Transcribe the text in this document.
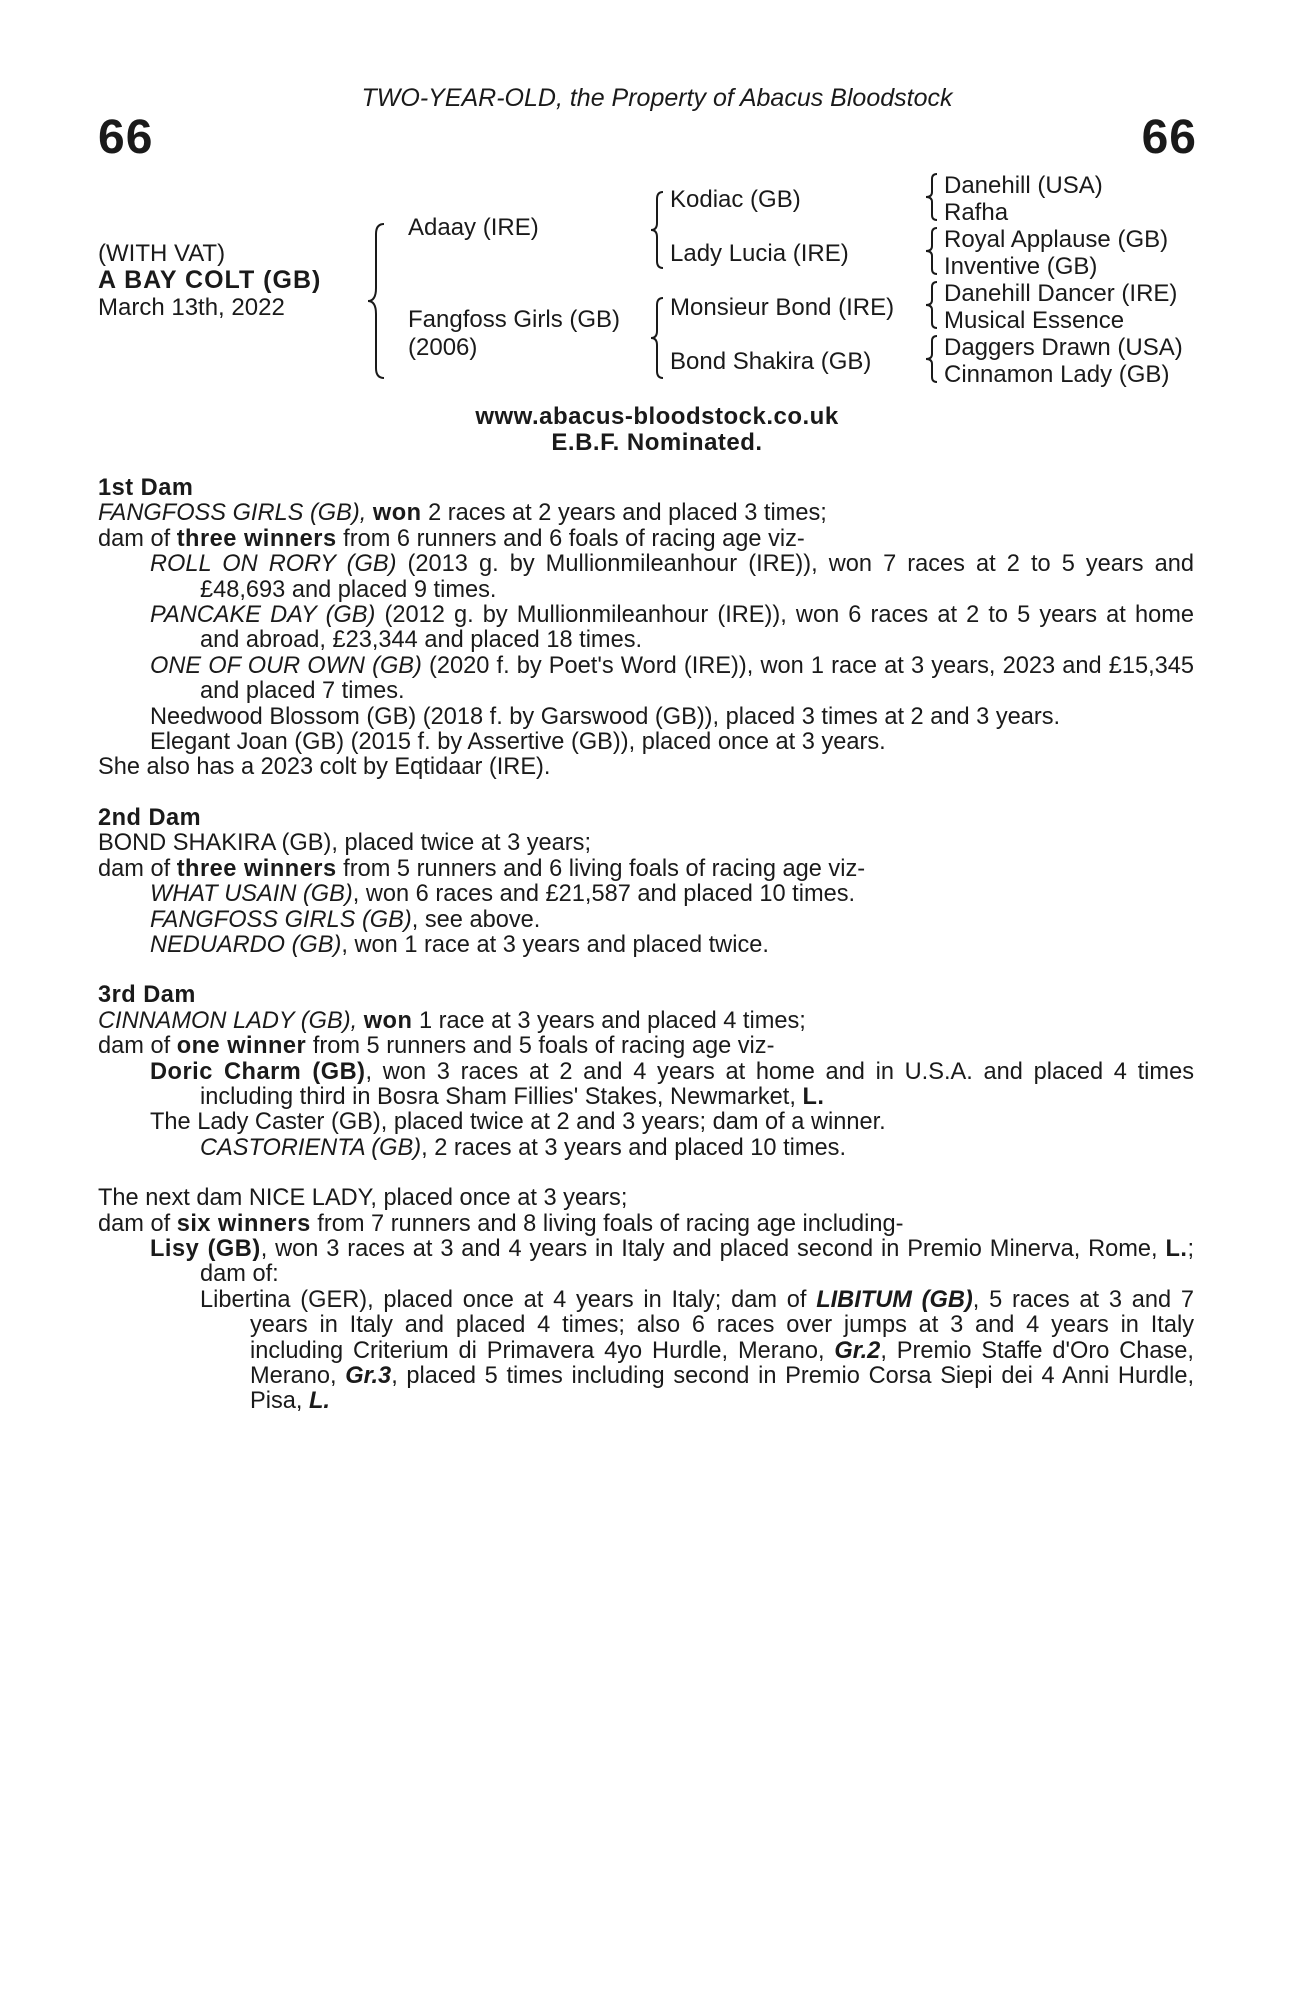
TWO-YEAR-OLD, the Property of Abacus Bloodstock
66	66
(WITH VAT)
A BAY COLT (GB)
March 13th, 2022
Adaay (IRE)
Fangfoss Girls (GB)
(2006)
Kodiac (GB)
Lady Lucia (IRE)
Monsieur Bond (IRE)
Bond Shakira (GB)
Danehill (USA)
Rafha
Royal Applause (GB)
Inventive (GB)
Danehill Dancer (IRE)
Musical Essence
Daggers Drawn (USA)
Cinnamon Lady (GB)
www.abacus-bloodstock.co.uk
E.B.F. Nominated.

1st Dam

FANGFOSS GIRLS (GB), won 2 races at 2 years and placed 3 times;

dam of three winners from 6 runners and 6 foals of racing age viz-

ROLL ON RORY (GB) (2013 g. by Mullionmileanhour (IRE)), won 7 races at 2 to 5 years and £48,693 and placed 9 times.

PANCAKE DAY (GB) (2012 g. by Mullionmileanhour (IRE)), won 6 races at 2 to 5 years at home and abroad, £23,344 and placed 18 times.

ONE OF OUR OWN (GB) (2020 f. by Poet's Word (IRE)), won 1 race at 3 years, 2023 and £15,345 and placed 7 times.

Needwood Blossom (GB) (2018 f. by Garswood (GB)), placed 3 times at 2 and 3 years.

Elegant Joan (GB) (2015 f. by Assertive (GB)), placed once at 3 years.

She also has a 2023 colt by Eqtidaar (IRE).

2nd Dam

BOND SHAKIRA (GB), placed twice at 3 years;

dam of three winners from 5 runners and 6 living foals of racing age viz-

WHAT USAIN (GB), won 6 races and £21,587 and placed 10 times.

FANGFOSS GIRLS (GB), see above.

NEDUARDO (GB), won 1 race at 3 years and placed twice.

3rd Dam

CINNAMON LADY (GB), won 1 race at 3 years and placed 4 times;

dam of one winner from 5 runners and 5 foals of racing age viz-

Doric Charm (GB), won 3 races at 2 and 4 years at home and in U.S.A. and placed 4 times including third in Bosra Sham Fillies' Stakes, Newmarket, L.

The Lady Caster (GB), placed twice at 2 and 3 years; dam of a winner.

CASTORIENTA (GB), 2 races at 3 years and placed 10 times.

The next dam NICE LADY, placed once at 3 years;

dam of six winners from 7 runners and 8 living foals of racing age including-

Lisy (GB), won 3 races at 3 and 4 years in Italy and placed second in Premio Minerva, Rome, L.; dam of:

Libertina (GER), placed once at 4 years in Italy; dam of LIBITUM (GB), 5 races at 3 and 7 years in Italy and placed 4 times; also 6 races over jumps at 3 and 4 years in Italy including Criterium di Primavera 4yo Hurdle, Merano, Gr.2, Premio Staffe d'Oro Chase, Merano, Gr.3, placed 5 times including second in Premio Corsa Siepi dei 4 Anni Hurdle, Pisa, L.
